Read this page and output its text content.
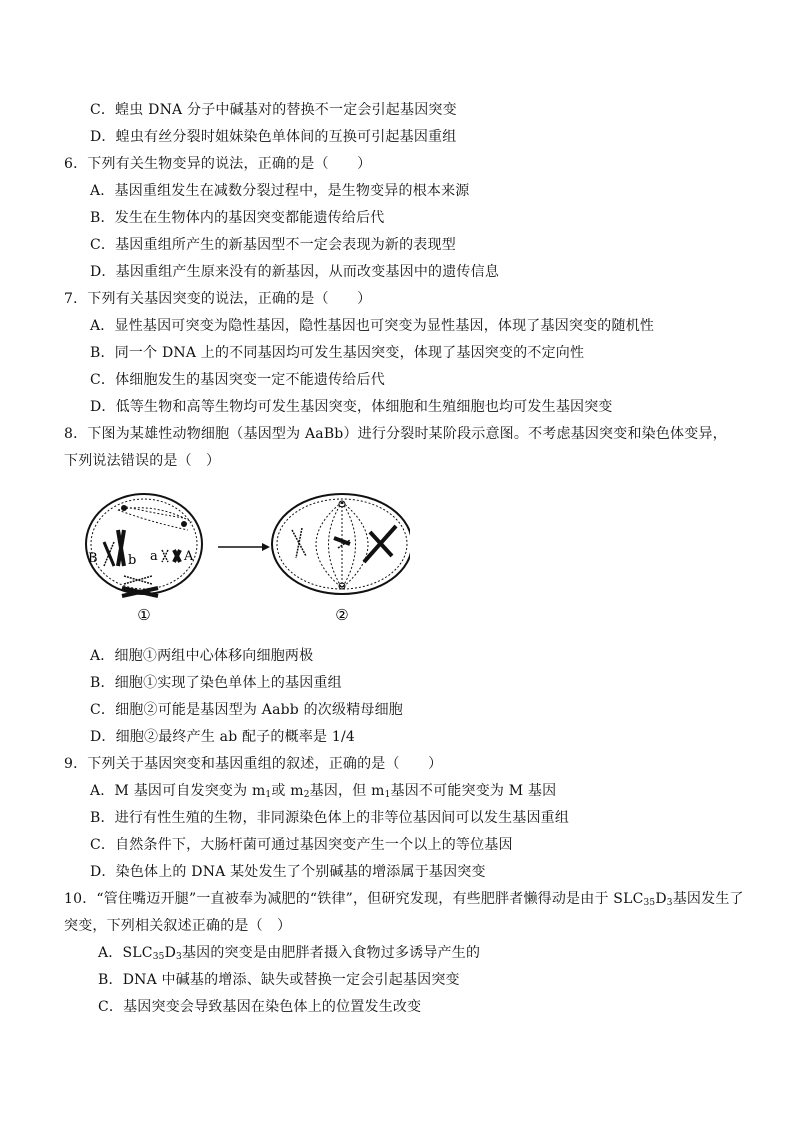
C．蝗虫 DNA 分子中碱基对的替换不一定会引起基因突变
D．蝗虫有丝分裂时姐妹染色单体间的互换可引起基因重组
6．下列有关生物变异的说法，正确的是（　　）
A．基因重组发生在减数分裂过程中，是生物变异的根本来源
B．发生在生物体内的基因突变都能遗传给后代
C．基因重组所产生的新基因型不一定会表现为新的表现型
D．基因重组产生原来没有的新基因，从而改变基因中的遗传信息
7．下列有关基因突变的说法，正确的是（　　）
A．显性基因可突变为隐性基因，隐性基因也可突变为显性基因，体现了基因突变的随机性
B．同一个 DNA 上的不同基因均可发生基因突变，体现了基因突变的不定向性
C．体细胞发生的基因突变一定不能遗传给后代
D．低等生物和高等生物均可发生基因突变，体细胞和生殖细胞也均可发生基因突变
8．下图为某雄性动物细胞（基因型为 AaBb）进行分裂时某阶段示意图。不考虑基因突变和染色体变异，
下列说法错误的是（　）
B b a A
①	②
A．细胞①两组中心体移向细胞两极
B．细胞①实现了染色单体上的基因重组
C．细胞②可能是基因型为 Aabb 的次级精母细胞
D．细胞②最终产生 ab 配子的概率是 1/4
9．下列关于基因突变和基因重组的叙述，正确的是（　　）
A．M 基因可自发突变为 $m_1$或 $m_2$基因，但 $m_1$基因不可能突变为 M 基因
B．进行有性生殖的生物，非同源染色体上的非等位基因间可以发生基因重组
C．自然条件下，大肠杆菌可通过基因突变产生一个以上的等位基因
D．染色体上的 DNA 某处发生了个别碱基的增添属于基因突变
10．“管住嘴迈开腿”一直被奉为减肥的“铁律”，但研究发现，有些肥胖者懒得动是由于 $SLC_{35}D_3$基因发生了
突变，下列相关叙述正确的是（　）
A．$SLC_{35}D_3$基因的突变是由肥胖者摄入食物过多诱导产生的
B．DNA 中碱基的增添、缺失或替换一定会引起基因突变
C．基因突变会导致基因在染色体上的位置发生改变
